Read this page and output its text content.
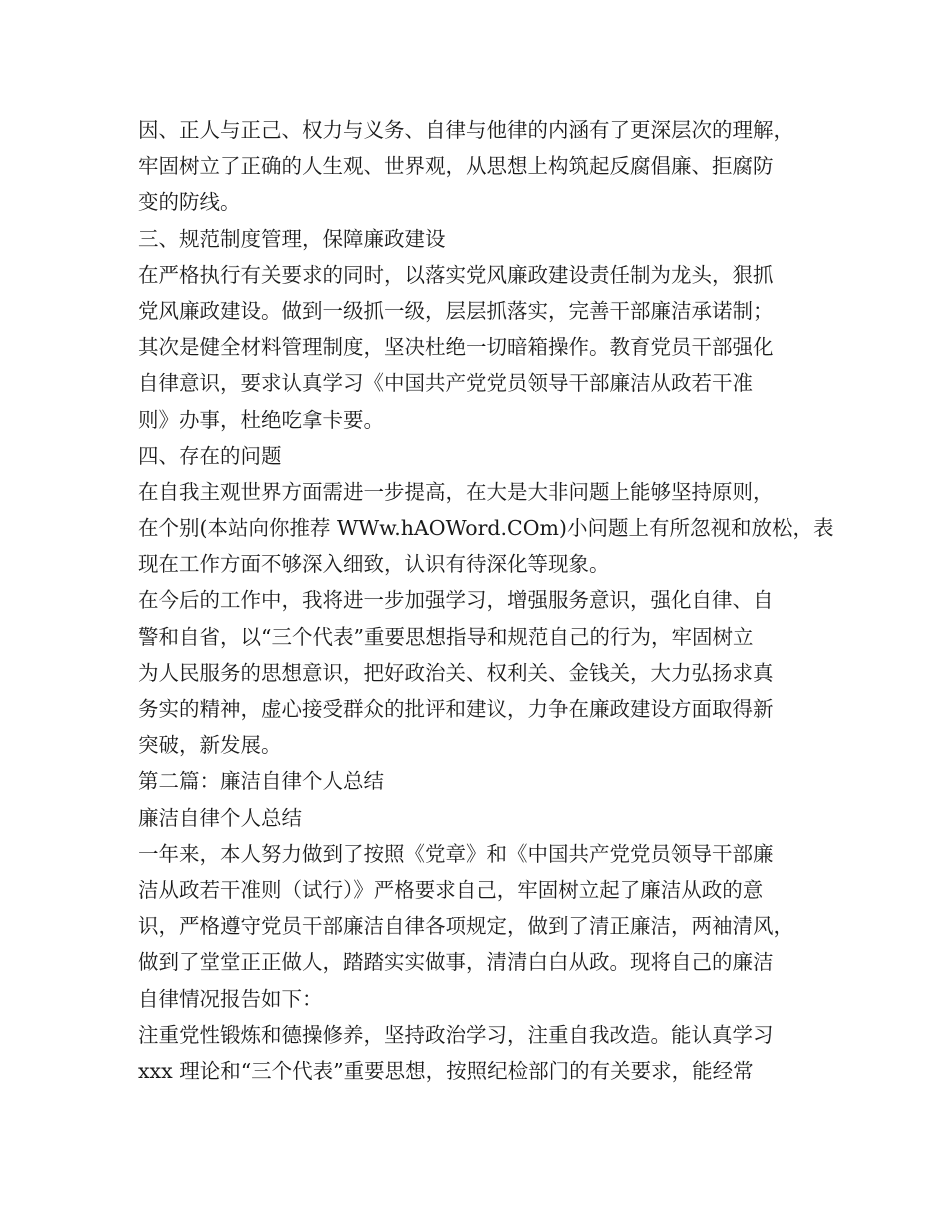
因、正人与正己、权力与义务、自律与他律的内涵有了更深层次的理解，
牢固树立了正确的人生观、世界观，从思想上构筑起反腐倡廉、拒腐防
变的防线。
三、规范制度管理，保障廉政建设
在严格执行有关要求的同时，以落实党风廉政建设责任制为龙头，狠抓
党风廉政建设。做到一级抓一级，层层抓落实，完善干部廉洁承诺制；
其次是健全材料管理制度，坚决杜绝一切暗箱操作。教育党员干部强化
自律意识，要求认真学习《中国共产党党员领导干部廉洁从政若干准
则》办事，杜绝吃拿卡要。
四、存在的问题
在自我主观世界方面需进一步提高，在大是大非问题上能够坚持原则，
在个别(本站向你推荐 WWw.hAOWord.COm)小问题上有所忽视和放松，表
现在工作方面不够深入细致，认识有待深化等现象。
在今后的工作中，我将进一步加强学习，增强服务意识，强化自律、自
警和自省，以“三个代表”重要思想指导和规范自己的行为，牢固树立
为人民服务的思想意识，把好政治关、权利关、金钱关，大力弘扬求真
务实的精神，虚心接受群众的批评和建议，力争在廉政建设方面取得新
突破，新发展。
第二篇：廉洁自律个人总结
廉洁自律个人总结
一年来，本人努力做到了按照《党章》和《中国共产党党员领导干部廉
洁从政若干准则（试行）》严格要求自己，牢固树立起了廉洁从政的意
识，严格遵守党员干部廉洁自律各项规定，做到了清正廉洁，两袖清风，
做到了堂堂正正做人，踏踏实实做事，清清白白从政。现将自己的廉洁
自律情况报告如下：
注重党性锻炼和德操修养，坚持政治学习，注重自我改造。能认真学习
xxx 理论和“三个代表”重要思想，按照纪检部门的有关要求，能经常
